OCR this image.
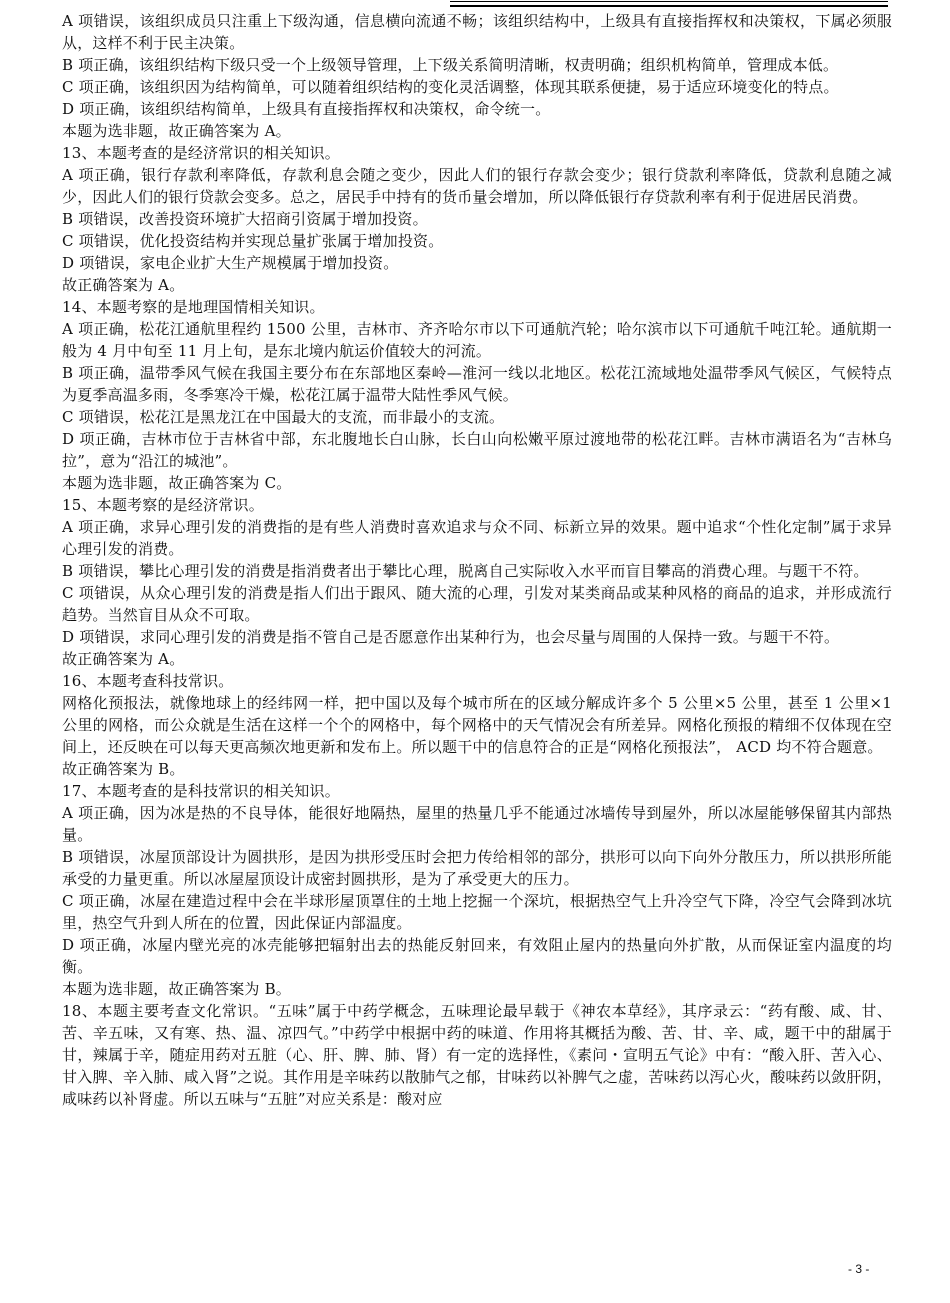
A 项错误，该组织成员只注重上下级沟通，信息横向流通不畅；该组织结构中，上级具有直接指挥权和决策权，下属必须服从，这样不利于民主决策。

B 项正确，该组织结构下级只受一个上级领导管理，上下级关系简明清晰，权责明确；组织机构简单，管理成本低。

C 项正确，该组织因为结构简单，可以随着组织结构的变化灵活调整，体现其联系便捷，易于适应环境变化的特点。

D 项正确，该组织结构简单，上级具有直接指挥权和决策权，命令统一。

本题为选非题，故正确答案为 A。

13、本题考查的是经济常识的相关知识。

A 项正确，银行存款利率降低，存款利息会随之变少，因此人们的银行存款会变少；银行贷款利率降低，贷款利息随之减少，因此人们的银行贷款会变多。总之，居民手中持有的货币量会增加，所以降低银行存贷款利率有利于促进居民消费。

B 项错误，改善投资环境扩大招商引资属于增加投资。

C 项错误，优化投资结构并实现总量扩张属于增加投资。

D 项错误，家电企业扩大生产规模属于增加投资。

故正确答案为 A。

14、本题考察的是地理国情相关知识。

A 项正确，松花江通航里程约 1500 公里，吉林市、齐齐哈尔市以下可通航汽轮；哈尔滨市以下可通航千吨江轮。通航期一般为 4 月中旬至 11 月上旬，是东北境内航运价值较大的河流。

B 项正确，温带季风气候在我国主要分布在东部地区秦岭—淮河一线以北地区。松花江流域地处温带季风气候区，气候特点为夏季高温多雨，冬季寒冷干燥，松花江属于温带大陆性季风气候。

C 项错误，松花江是黑龙江在中国最大的支流，而非最小的支流。

D 项正确，吉林市位于吉林省中部，东北腹地长白山脉，长白山向松嫩平原过渡地带的松花江畔。吉林市满语名为“吉林乌拉”，意为“沿江的城池”。

本题为选非题，故正确答案为 C。

15、本题考察的是经济常识。

A 项正确，求异心理引发的消费指的是有些人消费时喜欢追求与众不同、标新立异的效果。题中追求“个性化定制”属于求异心理引发的消费。

B 项错误，攀比心理引发的消费是指消费者出于攀比心理，脱离自己实际收入水平而盲目攀高的消费心理。与题干不符。

C 项错误，从众心理引发的消费是指人们出于跟风、随大流的心理，引发对某类商品或某种风格的商品的追求，并形成流行趋势。当然盲目从众不可取。

D 项错误，求同心理引发的消费是指不管自己是否愿意作出某种行为，也会尽量与周围的人保持一致。与题干不符。

故正确答案为 A。

16、本题考查科技常识。

网格化预报法，就像地球上的经纬网一样，把中国以及每个城市所在的区域分解成许多个 5 公里×5 公里，甚至 1 公里×1 公里的网格，而公众就是生活在这样一个个的网格中，每个网格中的天气情况会有所差异。网格化预报的精细不仅体现在空间上，还反映在可以每天更高频次地更新和发布上。所以题干中的信息符合的正是“网格化预报法”， ACD 均不符合题意。

故正确答案为 B。

17、本题考查的是科技常识的相关知识。

A 项正确，因为冰是热的不良导体，能很好地隔热，屋里的热量几乎不能通过冰墙传导到屋外，所以冰屋能够保留其内部热量。

B 项错误，冰屋顶部设计为圆拱形，是因为拱形受压时会把力传给相邻的部分，拱形可以向下向外分散压力，所以拱形所能承受的力量更重。所以冰屋屋顶设计成密封圆拱形，是为了承受更大的压力。

C 项正确，冰屋在建造过程中会在半球形屋顶罩住的土地上挖掘一个深坑，根据热空气上升冷空气下降，冷空气会降到冰坑里，热空气升到人所在的位置，因此保证内部温度。

D 项正确，冰屋内壁光亮的冰壳能够把辐射出去的热能反射回来，有效阻止屋内的热量向外扩散，从而保证室内温度的均衡。

本题为选非题，故正确答案为 B。

18、本题主要考查文化常识。“五味”属于中药学概念，五味理论最早载于《神农本草经》，其序录云：“药有酸、咸、甘、苦、辛五味，又有寒、热、温、凉四气。”中药学中根据中药的味道、作用将其概括为酸、苦、甘、辛、咸，题干中的甜属于甘，辣属于辛，随症用药对五脏（心、肝、脾、肺、肾）有一定的选择性，《素问・宣明五气论》中有：“酸入肝、苦入心、甘入脾、辛入肺、咸入肾”之说。其作用是辛味药以散肺气之郁，甘味药以补脾气之虚，苦味药以泻心火，酸味药以敛肝阴，咸味药以补肾虚。所以五味与“五脏”对应关系是：酸对应

- 3 -
